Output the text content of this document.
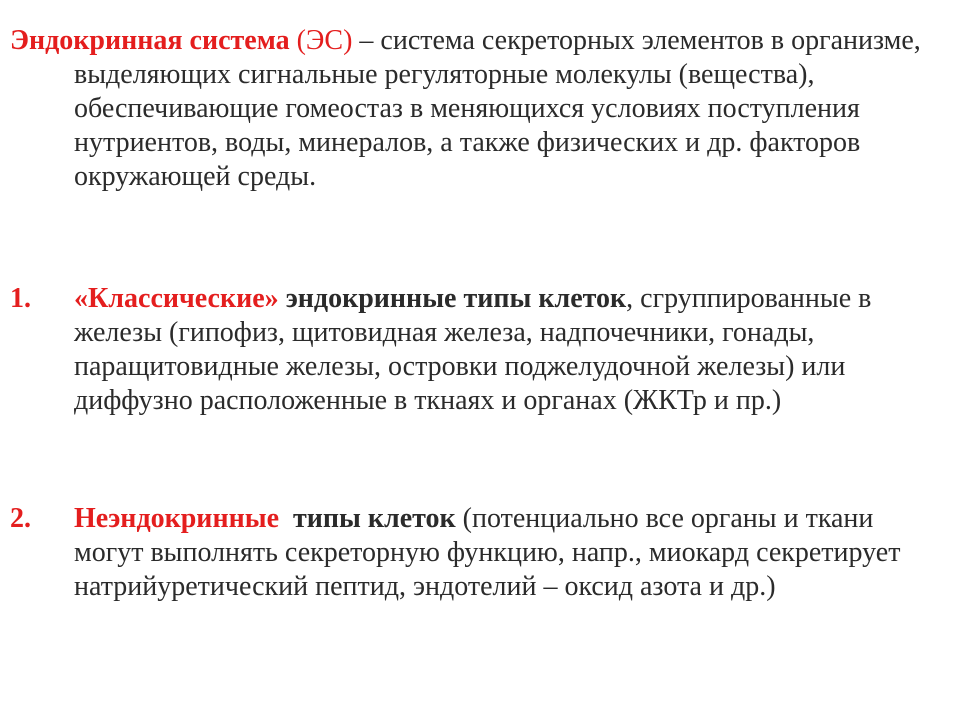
Эндокринная система (ЭС) – система секреторных элементов в организме, выделяющих сигнальные регуляторные молекулы (вещества), обеспечивающие гомеостаз в меняющихся условиях поступления нутриентов, воды, минералов, а также физических и др. факторов окружающей среды.
1. «Классические» эндокринные типы клеток, сгруппированные в железы (гипофиз, щитовидная железа, надпочечники, гонады, паращитовидные железы, островки поджелудочной железы) или диффузно расположенные в ткнаях и органах (ЖКТр и пр.)
2. Неэндокринные  типы клеток (потенциально все органы и ткани могут выполнять секреторную функцию, напр., миокард секретирует натрийуретический пептид, эндотелий – оксид азота и др.)
